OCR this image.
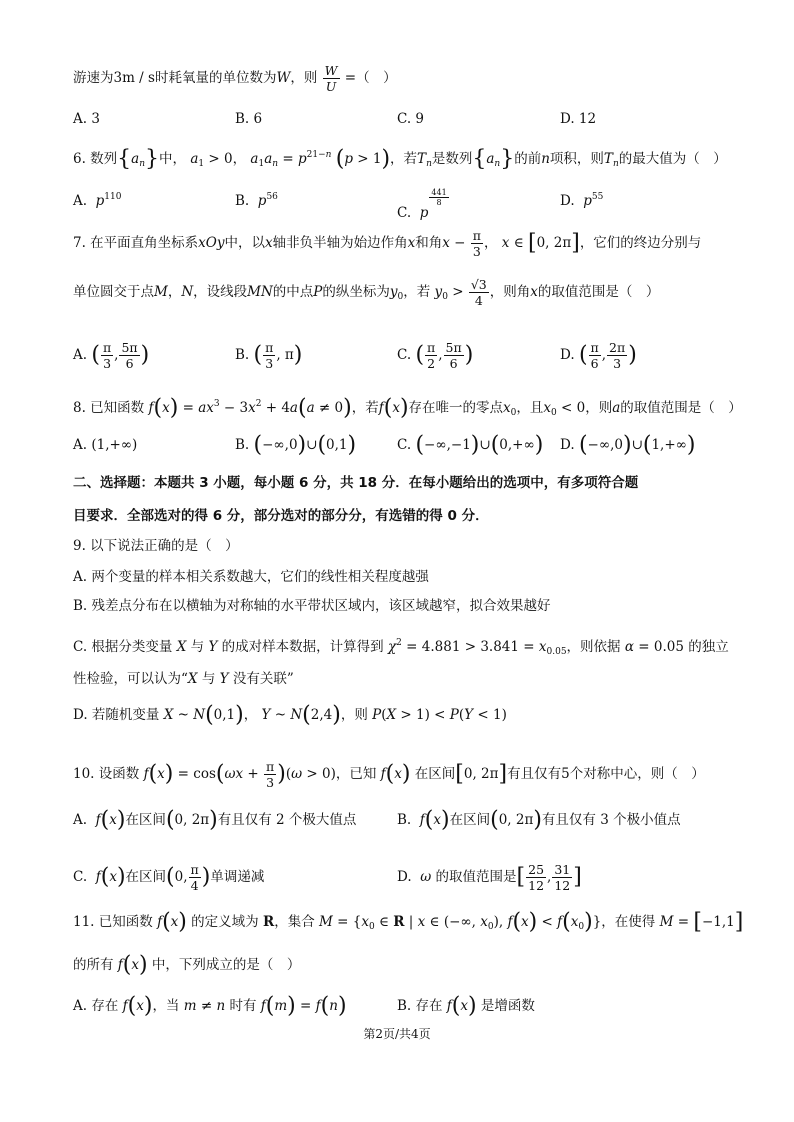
游速为3m / s时耗氧量的单位数为W，则 $\frac{W}{U}$ =（　）
A. 3	B. 6	C. 9	D. 12
6. 数列$\{a_n\}$中， $a_1 > 0$， $a_1a_n = p^{21-n}$ (p > 1)，若$T_n$是数列$\{a_n\}$的前n项积，则$T_n$的最大值为（　）
A.  $p^{110}$	B.  $p^{56}$
C.  p
$\frac{441}{8}$	D.  $p^{55}$
7. 在平面直角坐标系xOy中，以x轴非负半轴为始边作角x和角$x - \frac{\pi}{3}$ ， x ∈ [0, 2π]，它们的终边分别与
单位圆交于点M，N，设线段MN的中点P的纵坐标为$y_0$，若 $y_0 > \frac{√3}{4}$ ，则角x的取值范围是（　）
A. ( $\frac{\pi}{3}$ , $\frac{5\pi}{6}$ )	B. ( $\frac{\pi}{3}$ , π)	C. ( $\frac{\pi}{2}$ , $\frac{5\pi}{6}$ )	D. ( $\frac{\pi}{6}$ , $\frac{2\pi}{3}$ )
8. 已知函数 $f(x) = ax^3 - 3x^2 + 4a(a \ne 0)$，若f(x)存在唯一的零点$x_0$，且$x_0 < 0$，则a的取值范围是（　）
A. (1,+∞)	B. (−∞,0)∪(0,1)	C. (−∞,−1)∪(0,+∞) D. (−∞,0)∪(1,+∞)
二、选择题：本题共 3 小题，每小题 6 分，共 18 分．在每小题给出的选项中，有多项符合题
目要求．全部选对的得 6 分，部分选对的部分分，有选错的得 0 分．
9. 以下说法正确的是（　）
A. 两个变量的样本相关系数越大，它们的线性相关程度越强
B. 残差点分布在以横轴为对称轴的水平带状区域内，该区域越窄，拟合效果越好
C. 根据分类变量 X 与 Y 的成对样本数据，计算得到 $\chi^2 = 4.881 > 3.841 = x_{0.05}$，则依据 α = 0.05 的独立
性检验，可以认为“X 与 Y 没有关联”
D. 若随机变量 X ~ N(0,1)， Y ~ N(2,4)，则 P(X > 1) < P(Y < 1)
10. 设函数 $f(x) = \cos(\omega x + \frac{\pi}{3} )(\omega > 0)$，已知 f(x) 在区间[0, 2π]有且仅有5个对称中心，则（　）
A.  f(x)在区间(0, 2π)有且仅有 2 个极大值点	B.  f(x)在区间(0, 2π)有且仅有 3 个极小值点
C.  f(x)在区间(0, $\frac{\pi}{4}$ )单调递减	D.  ω 的取值范围是[ $\frac{25}{12}$ , $\frac{31}{12}$ ]
11. 已知函数 f(x) 的定义域为 R，集合 $M = \{x_0$ ∈ R | x ∈ (−∞, $x_0$), $f(x) < f(x_0)$}，在使得 M = [−1,1]
的所有 f(x) 中，下列成立的是（　）
A. 存在 f(x)，当 m ≠ n 时有 f(m) = f(n)	B. 存在 f(x) 是增函数
第2页/共4页
